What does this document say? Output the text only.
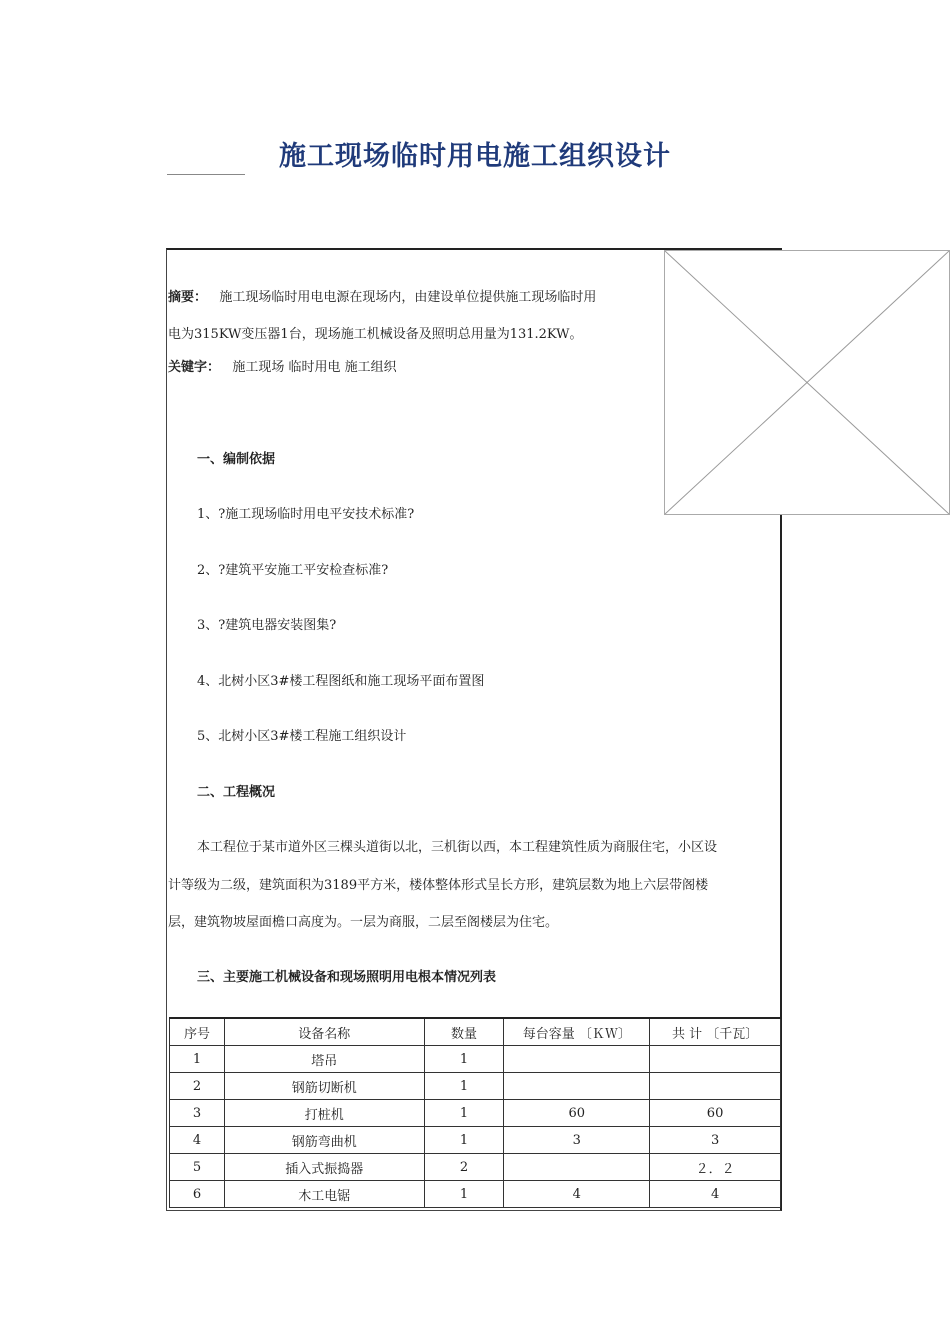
施工现场临时用电施工组织设计
摘要： 施工现场临时用电电源在现场内，由建设单位提供施工现场临时用
电为315KW变压器1台，现场施工机械设备及照明总用量为131.2KW。
关键字： 施工现场 临时用电 施工组织
一、编制依据
1、?施工现场临时用电平安技术标准?
2、?建筑平安施工平安检查标准?
3、?建筑电器安装图集?
4、北树小区3#楼工程图纸和施工现场平面布置图
5、北树小区3#楼工程施工组织设计
二、工程概况
本工程位于某市道外区三棵头道街以北，三机街以西，本工程建筑性质为商服住宅，小区设
计等级为二级，建筑面积为3189平方米，楼体整体形式呈长方形，建筑层数为地上六层带阁楼
层，建筑物坡屋面檐口高度为。一层为商服，二层至阁楼层为住宅。
三、主要施工机械设备和现场照明用电根本情况列表
序号	设备名称	数量	每台容量 〔ＫＷ〕	共 计 〔千瓦〕
1	塔吊	1		
2	钢筋切断机	1		
3	打桩机	1	60	60
4	钢筋弯曲机	1	3	3
5	插入式振捣器	2		２．２
6	木工电锯	1	4	4
